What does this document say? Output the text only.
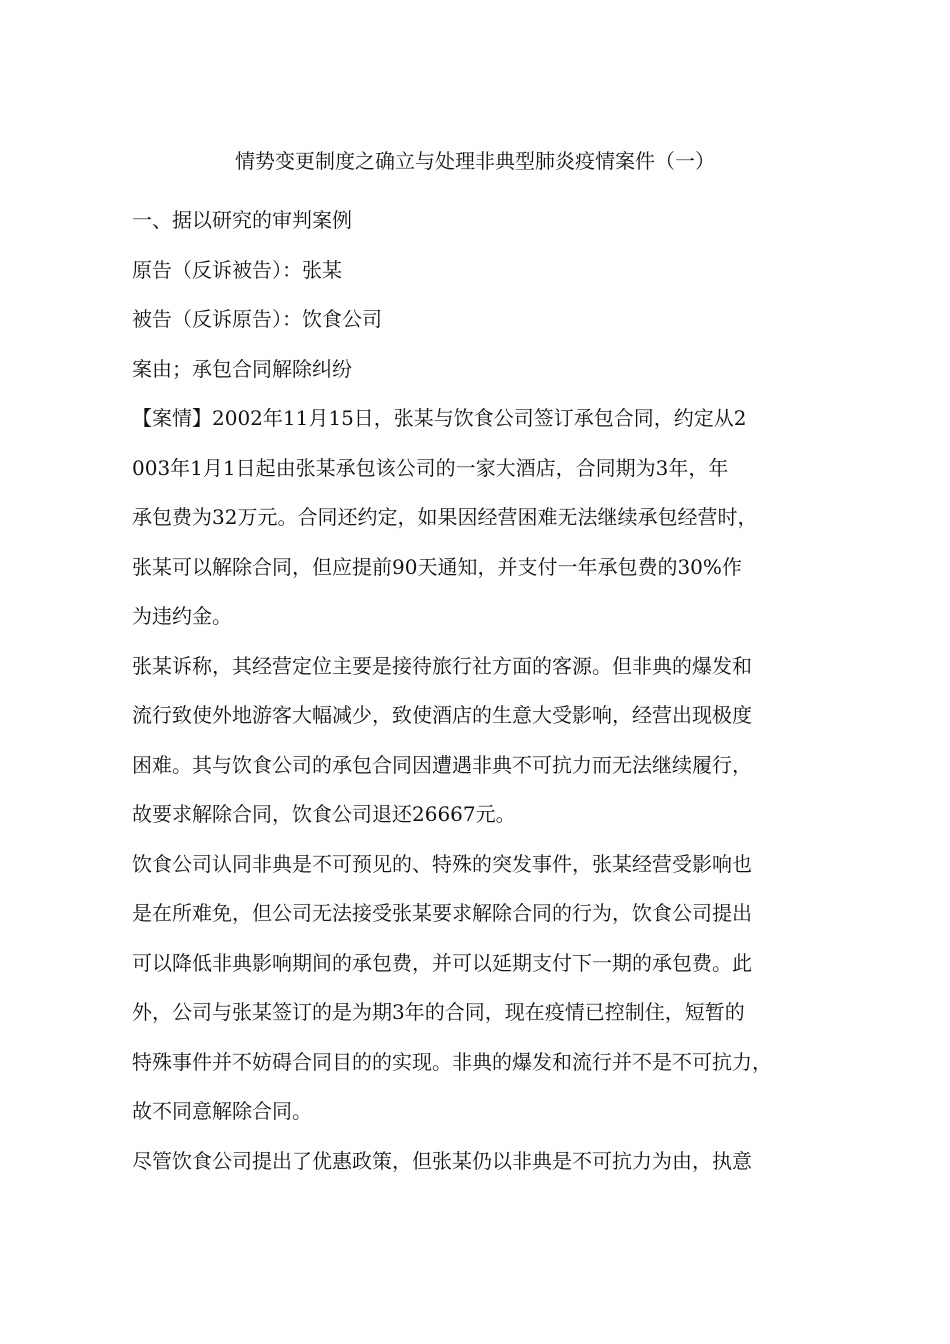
情势变更制度之确立与处理非典型肺炎疫情案件（一）
一、据以研究的审判案例
原告（反诉被告）：张某
被告（反诉原告）：饮食公司
案由；承包合同解除纠纷
【案情】2002年11月15日，张某与饮食公司签订承包合同，约定从2
003年1月1日起由张某承包该公司的一家大酒店，合同期为3年，年
承包费为32万元。合同还约定，如果因经营困难无法继续承包经营时，
张某可以解除合同，但应提前90天通知，并支付一年承包费的30%作
为违约金。
张某诉称，其经营定位主要是接待旅行社方面的客源。但非典的爆发和
流行致使外地游客大幅减少，致使酒店的生意大受影响，经营出现极度
困难。其与饮食公司的承包合同因遭遇非典不可抗力而无法继续履行，
故要求解除合同，饮食公司退还26667元。
饮食公司认同非典是不可预见的、特殊的突发事件，张某经营受影响也
是在所难免，但公司无法接受张某要求解除合同的行为，饮食公司提出
可以降低非典影响期间的承包费，并可以延期支付下一期的承包费。此
外，公司与张某签订的是为期3年的合同，现在疫情已控制住，短暂的
特殊事件并不妨碍合同目的的实现。非典的爆发和流行并不是不可抗力，
故不同意解除合同。
尽管饮食公司提出了优惠政策，但张某仍以非典是不可抗力为由，执意
